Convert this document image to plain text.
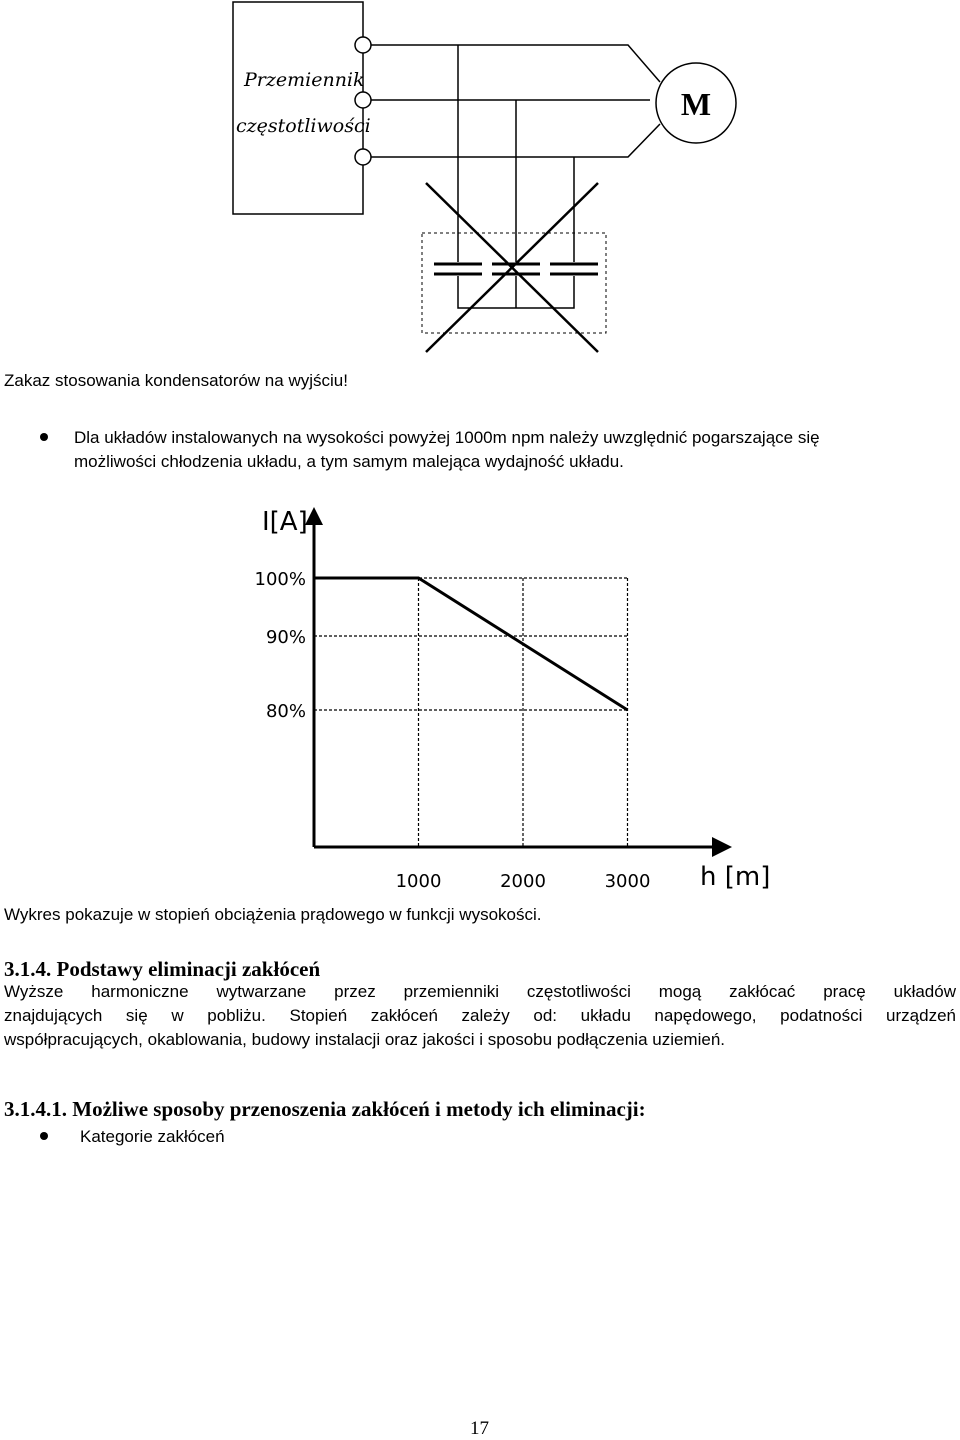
Przemiennik
częstotliwości
M
Zakaz stosowania kondensatorów na wyjściu!
Dla układów instalowanych na wysokości powyżej 1000m npm należy uwzględnić pogarszające się
możliwości chłodzenia układu, a tym samym malejąca wydajność układu.
I[A]
h [m]
100%
90%
80%
1000	2000	3000
Wykres pokazuje w stopień obciążenia prądowego w funkcji wysokości.
3.1.4. Podstawy eliminacji zakłóceń
Wyższe harmoniczne wytwarzane przez przemienniki częstotliwości mogą zakłócać pracę układów
znajdujących się w pobliżu. Stopień zakłóceń zależy od: układu napędowego, podatności urządzeń
współpracujących, okablowania, budowy instalacji oraz jakości i sposobu podłączenia uziemień.
3.1.4.1. Możliwe sposoby przenoszenia zakłóceń i metody ich eliminacji:
Kategorie zakłóceń
17
